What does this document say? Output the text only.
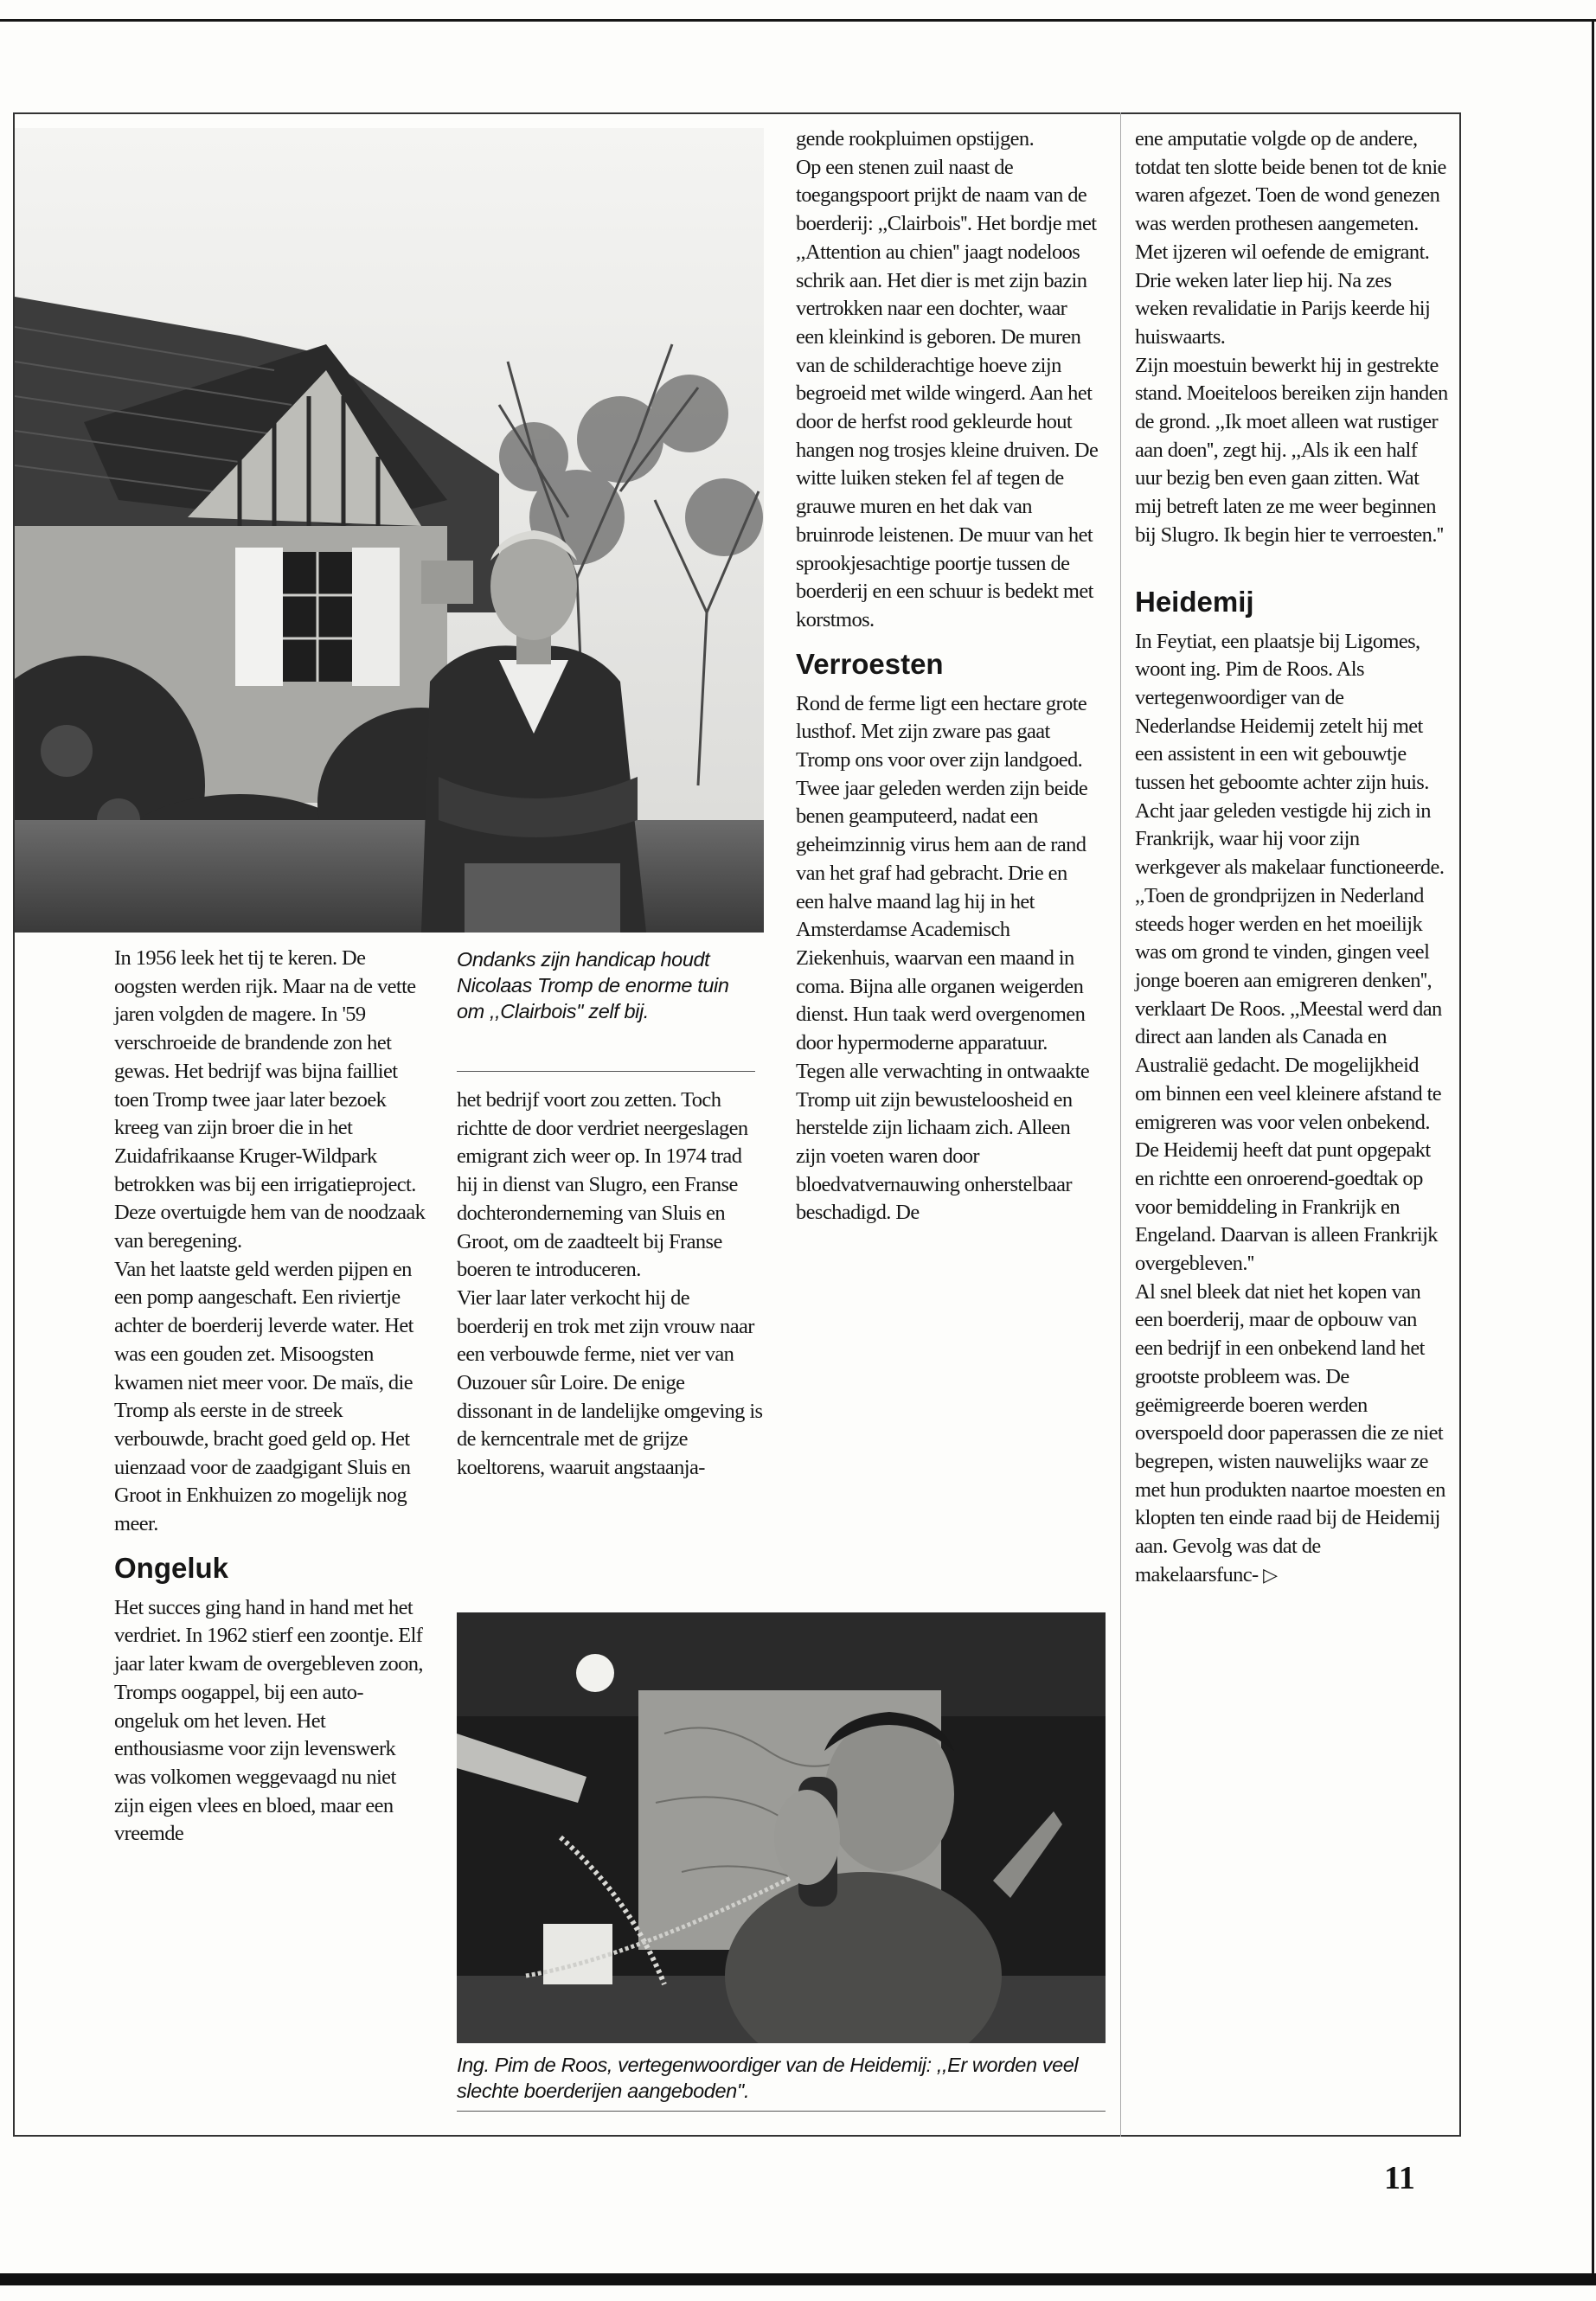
Ondanks zijn handicap houdt Nicolaas Tromp de enorme tuin om ,,Clairbois'' zelf bij.

In 1956 leek het tij te keren. De oogsten werden rijk. Maar na de vette jaren volgden de magere. In '59 verschroeide de brandende zon het gewas. Het bedrijf was bijna failliet toen Tromp twee jaar later bezoek kreeg van zijn broer die in het Zuidafrikaanse Kruger-Wildpark betrokken was bij een irrigatieproject. Deze overtuigde hem van de noodzaak van beregening.

Van het laatste geld werden pijpen en een pomp aangeschaft. Een riviertje achter de boerderij leverde water. Het was een gouden zet. Misoogsten kwamen niet meer voor. De maïs, die Tromp als eerste in de streek verbouwde, bracht goed geld op. Het uienzaad voor de zaadgigant Sluis en Groot in Enkhuizen zo mogelijk nog meer.

Ongeluk

Het succes ging hand in hand met het verdriet. In 1962 stierf een zoontje. Elf jaar later kwam de overgebleven zoon, Tromps oogappel, bij een auto-ongeluk om het leven. Het enthousiasme voor zijn levenswerk was volkomen weggevaagd nu niet zijn eigen vlees en bloed, maar een vreemde

het bedrijf voort zou zetten. Toch richtte de door verdriet neergeslagen emigrant zich weer op. In 1974 trad hij in dienst van Slugro, een Franse dochteronderneming van Sluis en Groot, om de zaadteelt bij Franse boeren te introduceren.

Vier laar later verkocht hij de boerderij en trok met zijn vrouw naar een verbouwde ferme, niet ver van Ouzouer sûr Loire. De enige dissonant in de landelijke omgeving is de kerncentrale met de grijze koeltorens, waaruit angstaanja-

gende rookpluimen opstijgen.

Op een stenen zuil naast de toegangspoort prijkt de naam van de boerderij: ,,Clairbois''. Het bordje met ,,Attention au chien'' jaagt nodeloos schrik aan. Het dier is met zijn bazin vertrokken naar een dochter, waar een kleinkind is geboren. De muren van de schilderachtige hoeve zijn begroeid met wilde wingerd. Aan het door de herfst rood gekleurde hout hangen nog trosjes kleine druiven. De witte luiken steken fel af tegen de grauwe muren en het dak van bruinrode leistenen. De muur van het sprookjesachtige poortje tussen de boerderij en een schuur is bedekt met korstmos.

Verroesten

Rond de ferme ligt een hectare grote lusthof. Met zijn zware pas gaat Tromp ons voor over zijn landgoed. Twee jaar geleden werden zijn beide benen geamputeerd, nadat een geheimzinnig virus hem aan de rand van het graf had gebracht. Drie en een halve maand lag hij in het Amsterdamse Academisch Ziekenhuis, waarvan een maand in coma. Bijna alle organen weigerden dienst. Hun taak werd overgenomen door hypermoderne apparatuur.

Tegen alle verwachting in ontwaakte Tromp uit zijn bewusteloosheid en herstelde zijn lichaam zich. Alleen zijn voeten waren door bloedvatvernauwing onherstelbaar beschadigd. De

Ing. Pim de Roos, vertegenwoordiger van de Heidemij: ,,Er worden veel slechte boerderijen aangeboden''.

ene amputatie volgde op de andere, totdat ten slotte beide benen tot de knie waren afgezet. Toen de wond genezen was werden prothesen aangemeten. Met ijzeren wil oefende de emigrant. Drie weken later liep hij. Na zes weken revalidatie in Parijs keerde hij huiswaarts.

Zijn moestuin bewerkt hij in gestrekte stand. Moeiteloos bereiken zijn handen de grond. ,,Ik moet alleen wat rustiger aan doen'', zegt hij. ,,Als ik een half uur bezig ben even gaan zitten. Wat mij betreft laten ze me weer beginnen bij Slugro. Ik begin hier te verroesten.''

Heidemij

In Feytiat, een plaatsje bij Ligomes, woont ing. Pim de Roos. Als vertegenwoordiger van de Nederlandse Heidemij zetelt hij met een assistent in een wit gebouwtje tussen het geboomte achter zijn huis. Acht jaar geleden vestigde hij zich in Frankrijk, waar hij voor zijn werkgever als makelaar functioneerde.

,,Toen de grondprijzen in Nederland steeds hoger werden en het moeilijk was om grond te vinden, gingen veel jonge boeren aan emigreren denken'', verklaart De Roos. ,,Meestal werd dan direct aan landen als Canada en Australië gedacht. De mogelijkheid om binnen een veel kleinere afstand te emigreren was voor velen onbekend. De Heidemij heeft dat punt opgepakt en richtte een onroerend-goedtak op voor bemiddeling in Frankrijk en Engeland. Daarvan is alleen Frankrijk overgebleven.''

Al snel bleek dat niet het kopen van een boerderij, maar de opbouw van een bedrijf in een onbekend land het grootste probleem was. De geëmigreerde boeren werden overspoeld door paperassen die ze niet begrepen, wisten nauwelijks waar ze met hun produkten naartoe moesten en klopten ten einde raad bij de Heidemij aan. Gevolg was dat de makelaarsfunc- ▷

11
